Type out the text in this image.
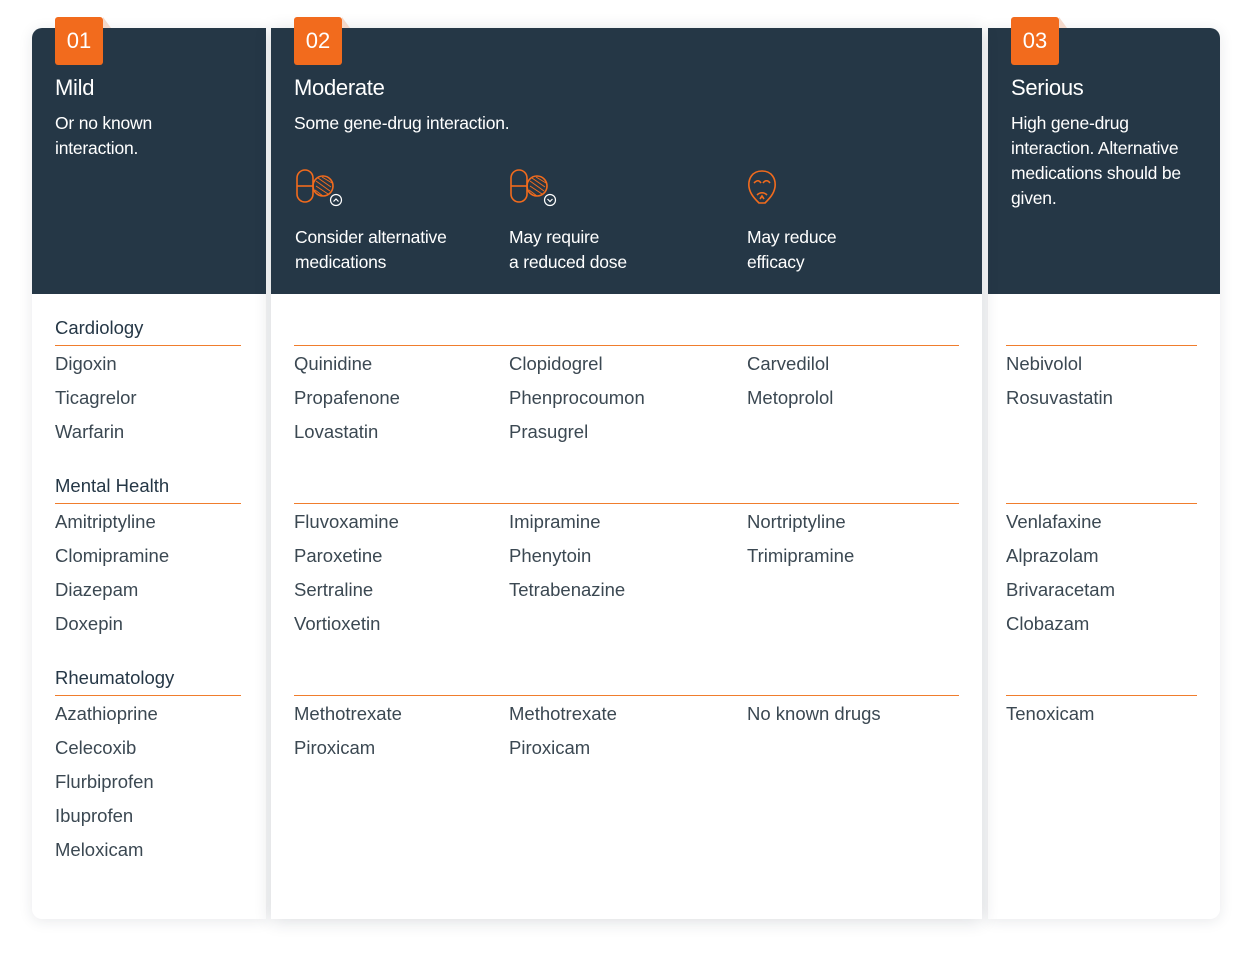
01
Mild
Or no known
interaction.
02
Moderate
Some gene-drug interaction.
Consider alternative
medications
May require
a reduced dose
May reduce
efficacy
03
Serious
High gene-drug
interaction. Alternative
medications should be
given.
Cardiology
Digoxin
Ticagrelor
Warfarin
Quinidine
Propafenone
Lovastatin
Clopidogrel
Phenprocoumon
Prasugrel
Carvedilol
Metoprolol
Nebivolol
Rosuvastatin
Mental Health
Amitriptyline
Clomipramine
Diazepam
Doxepin
Fluvoxamine
Paroxetine
Sertraline
Vortioxetin
Imipramine
Phenytoin
Tetrabenazine
Nortriptyline
Trimipramine
Venlafaxine
Alprazolam
Brivaracetam
Clobazam
Rheumatology
Azathioprine
Celecoxib
Flurbiprofen
Ibuprofen
Meloxicam
Methotrexate
Piroxicam
Methotrexate
Piroxicam
No known drugs	Tenoxicam
